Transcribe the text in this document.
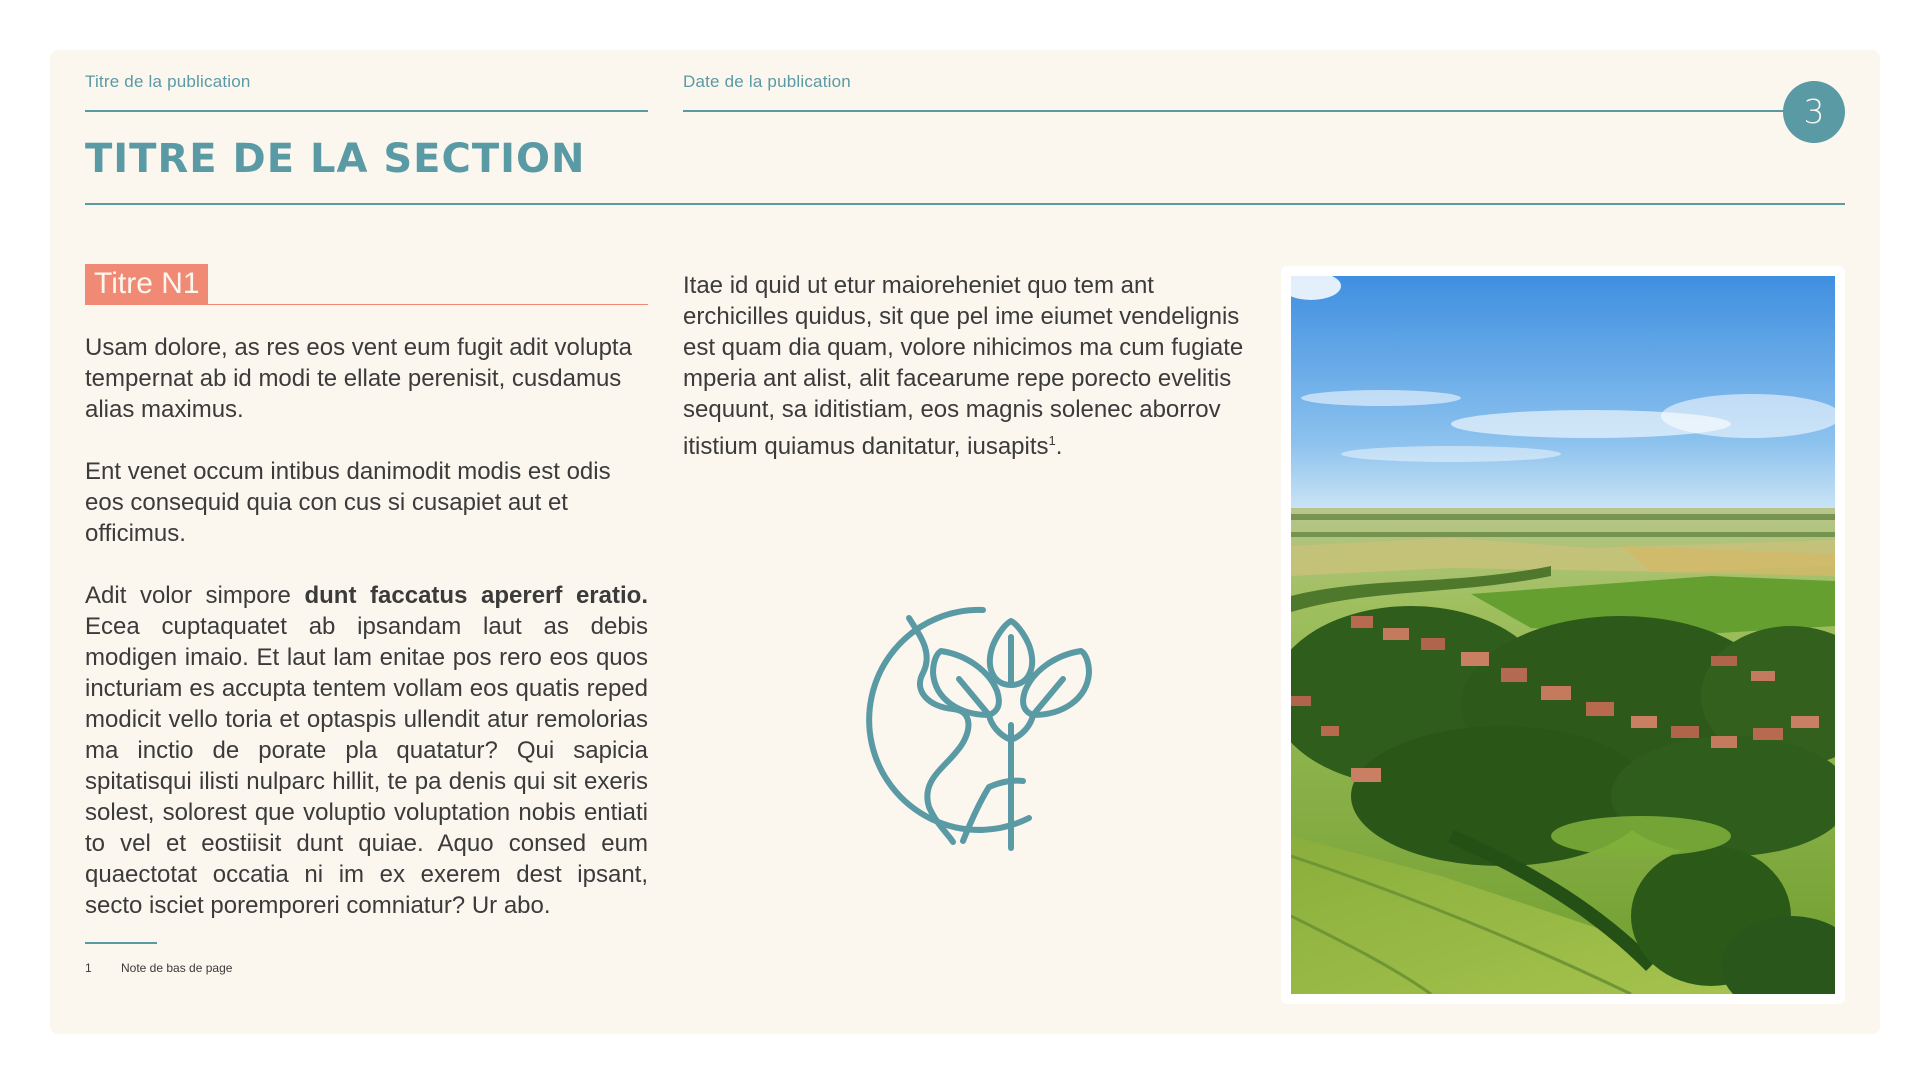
Titre de la publication	Date de la publication
3
TITRE DE LA SECTION
Titre N1

Usam dolore, as res eos vent eum fugit adit volupta tempernat ab id modi te ellate perenisit, cusdamus alias maximus.

Ent venet occum intibus danimodit modis est odis eos consequid quia con cus si cusapiet aut et officimus.

Adit volor simpore dunt faccatus apererf eratio. Ecea cuptaquatet ab ipsandam laut as debis modigen imaio. Et laut lam enitae pos rero eos quos incturiam es accupta tentem vollam eos quatis reped modicit vello toria et optaspis ullendit atur remolorias ma inctio de porate pla quatatur? Qui sapicia spitatisqui ilisti nulparc hillit, te pa denis qui sit exeris solest, solorest que voluptio voluptation nobis entiati to vel et eostiisit dunt quiae. Aquo consed eum quaectotat occatia ni im ex exerem dest ipsant, secto isciet poremporeri comniatur? Ur abo.

1 Note de bas de page

Itae id quid ut etur maioreheniet quo tem ant erchicilles quidus, sit que pel ime eiumet vendelignis est quam dia quam, volore nihicimos ma cum fugiate mperia ant alist, alit facearume repe porecto evelitis sequunt, sa iditistiam, eos magnis solenec aborrov itistium quiamus danitatur, iusapits$^1$.
